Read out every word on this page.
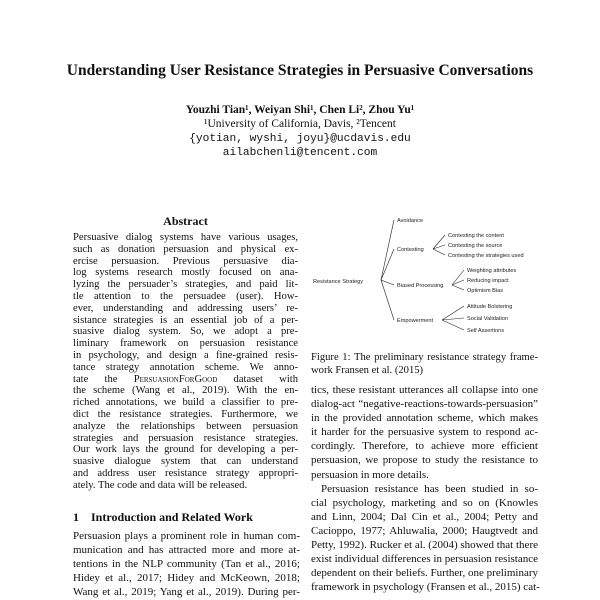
Understanding User Resistance Strategies in Persuasive Conversations
Youzhi Tian¹, Weiyan Shi¹, Chen Li², Zhou Yu¹
¹University of California, Davis, ²Tencent
{yotian, wyshi, joyu}@ucdavis.edu
ailabchenli@tencent.com
Abstract
Persuasive dialog systems have various usages,
such as donation persuasion and physical ex-
ercise persuasion. Previous persuasive dia-
log systems research mostly focused on ana-
lyzing the persuader’s strategies, and paid lit-
tle attention to the persuadee (user). How-
ever, understanding and addressing users’ re-
sistance strategies is an essential job of a per-
suasive dialog system. So, we adopt a pre-
liminary framework on persuasion resistance
in psychology, and design a fine-grained resis-
tance strategy annotation scheme. We anno-
tate the PersuasionForGood dataset with
the scheme (Wang et al., 2019). With the en-
riched annotations, we build a classifier to pre-
dict the resistance strategies. Furthermore, we
analyze the relationships between persuasion
strategies and persuasion resistance strategies.
Our work lays the ground for developing a per-
suasive dialogue system that can understand
and address user resistance strategy appropri-
ately. The code and data will be released.
1 Introduction and Related Work
Persuasion plays a prominent role in human com-
munication and has attracted more and more at-
tentions in the NLP community (Tan et al., 2016;
Hidey et al., 2017; Hidey and McKeown, 2018;
Wang et al., 2019; Yang et al., 2019). During per-
Resistance Strategy
Avoidance
Contesting
Contesting the content
Contesting the source
Contesting the strategies used
Biased Processing
Weighting attributes
Reducing impact
Optimism Bias
Empowerment
Attitude Bolstering
Social Validation
Self Assertions
Figure 1: The preliminary resistance strategy frame-
work Fransen et al. (2015)
tics, these resistant utterances all collapse into one
dialog-act “negative-reactions-towards-persuasion”
in the provided annotation scheme, which makes
it harder for the persuasive system to respond ac-
cordingly. Therefore, to achieve more efficient
persuasion, we propose to study the resistance to
persuasion in more details.
Persuasion resistance has been studied in so-
cial psychology, marketing and so on (Knowles
and Linn, 2004; Dal Cin et al., 2004; Petty and
Cacioppo, 1977; Ahluwalia, 2000; Haugtvedt and
Petty, 1992). Rucker et al. (2004) showed that there
exist individual differences in persuasion resistance
dependent on their beliefs. Further, one preliminary
framework in psychology (Fransen et al., 2015) cat-
